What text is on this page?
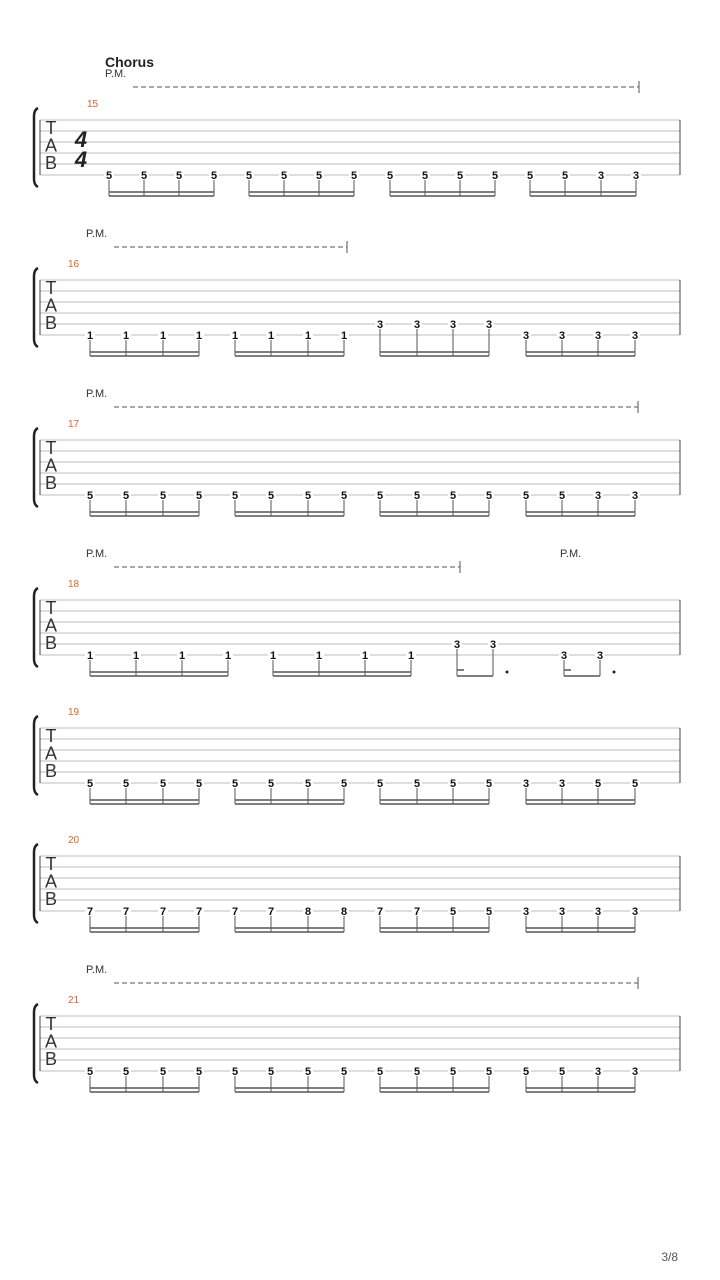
Chorus
T
A
B
4
4
15
P.M.
5	5	5	5	5	5	5	5	5	5	5	5	5	5	3	3
T
A
B
16
P.M.
1	1	1	1	1	1	1	1
3	3	3	3
3	3	3	3
T
A
B
17
P.M.
5	5	5	5	5	5	5	5	5	5	5	5	5	5	3	3
T
A
B
18
P.M.	P.M.
1	1	1	1	1	1	1	1
3	3
3	3
T
A
B
19
5	5	5	5	5	5	5	5	5	5	5	5	3	3	5	5
T
A
B
20
7	7	7	7	7	7	8	8	7	7	5	5	3	3	3	3
T
A
B
21
P.M.
5	5	5	5	5	5	5	5	5	5	5	5	5	5	3	3
3/8
